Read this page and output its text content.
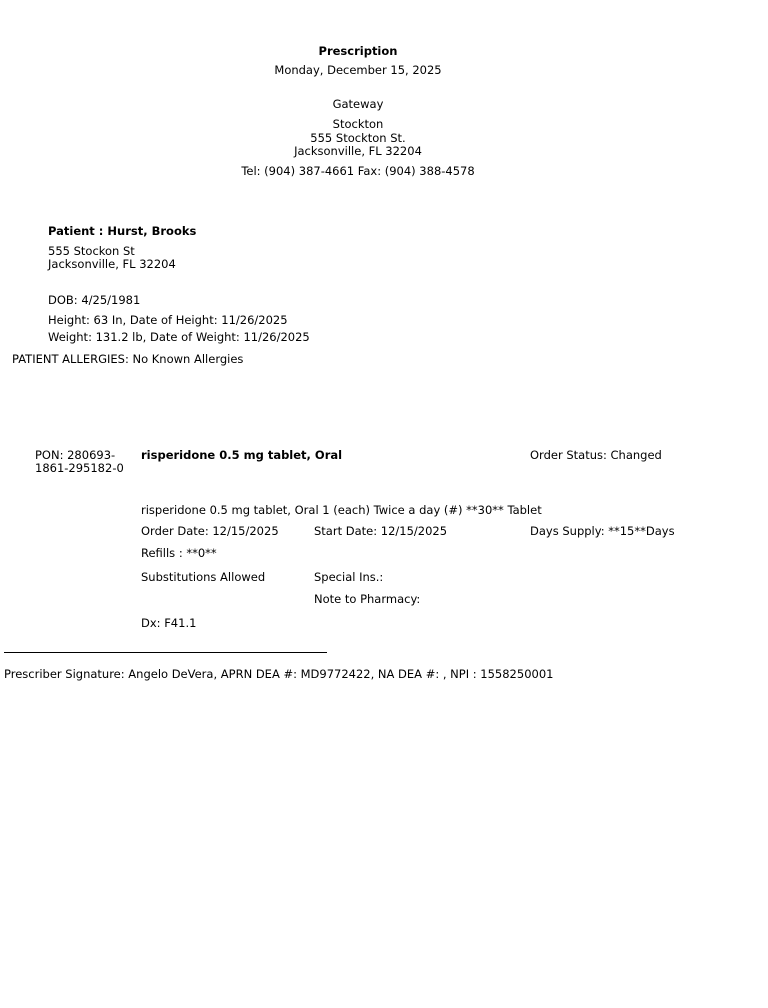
Prescription
Monday, December 15, 2025
Gateway
Stockton
555 Stockton St.
Jacksonville, FL 32204
Tel: (904) 387-4661 Fax: (904) 388-4578
Patient : Hurst, Brooks
555 Stockon St
Jacksonville, FL 32204
DOB: 4/25/1981
Height: 63 In, Date of Height: 11/26/2025
Weight: 131.2 lb, Date of Weight: 11/26/2025
PATIENT ALLERGIES: No Known Allergies
PON: 280693-
1861-295182-0
risperidone 0.5 mg tablet, Oral	Order Status: Changed
risperidone 0.5 mg tablet, Oral 1 (each) Twice a day (#) **30** Tablet
Order Date: 12/15/2025	Start Date: 12/15/2025	Days Supply: **15**Days
Refills : **0**
Substitutions Allowed	Special Ins.:
Note to Pharmacy:
Dx: F41.1
Prescriber Signature: Angelo DeVera, APRN DEA #: MD9772422, NA DEA #: , NPI : 1558250001
